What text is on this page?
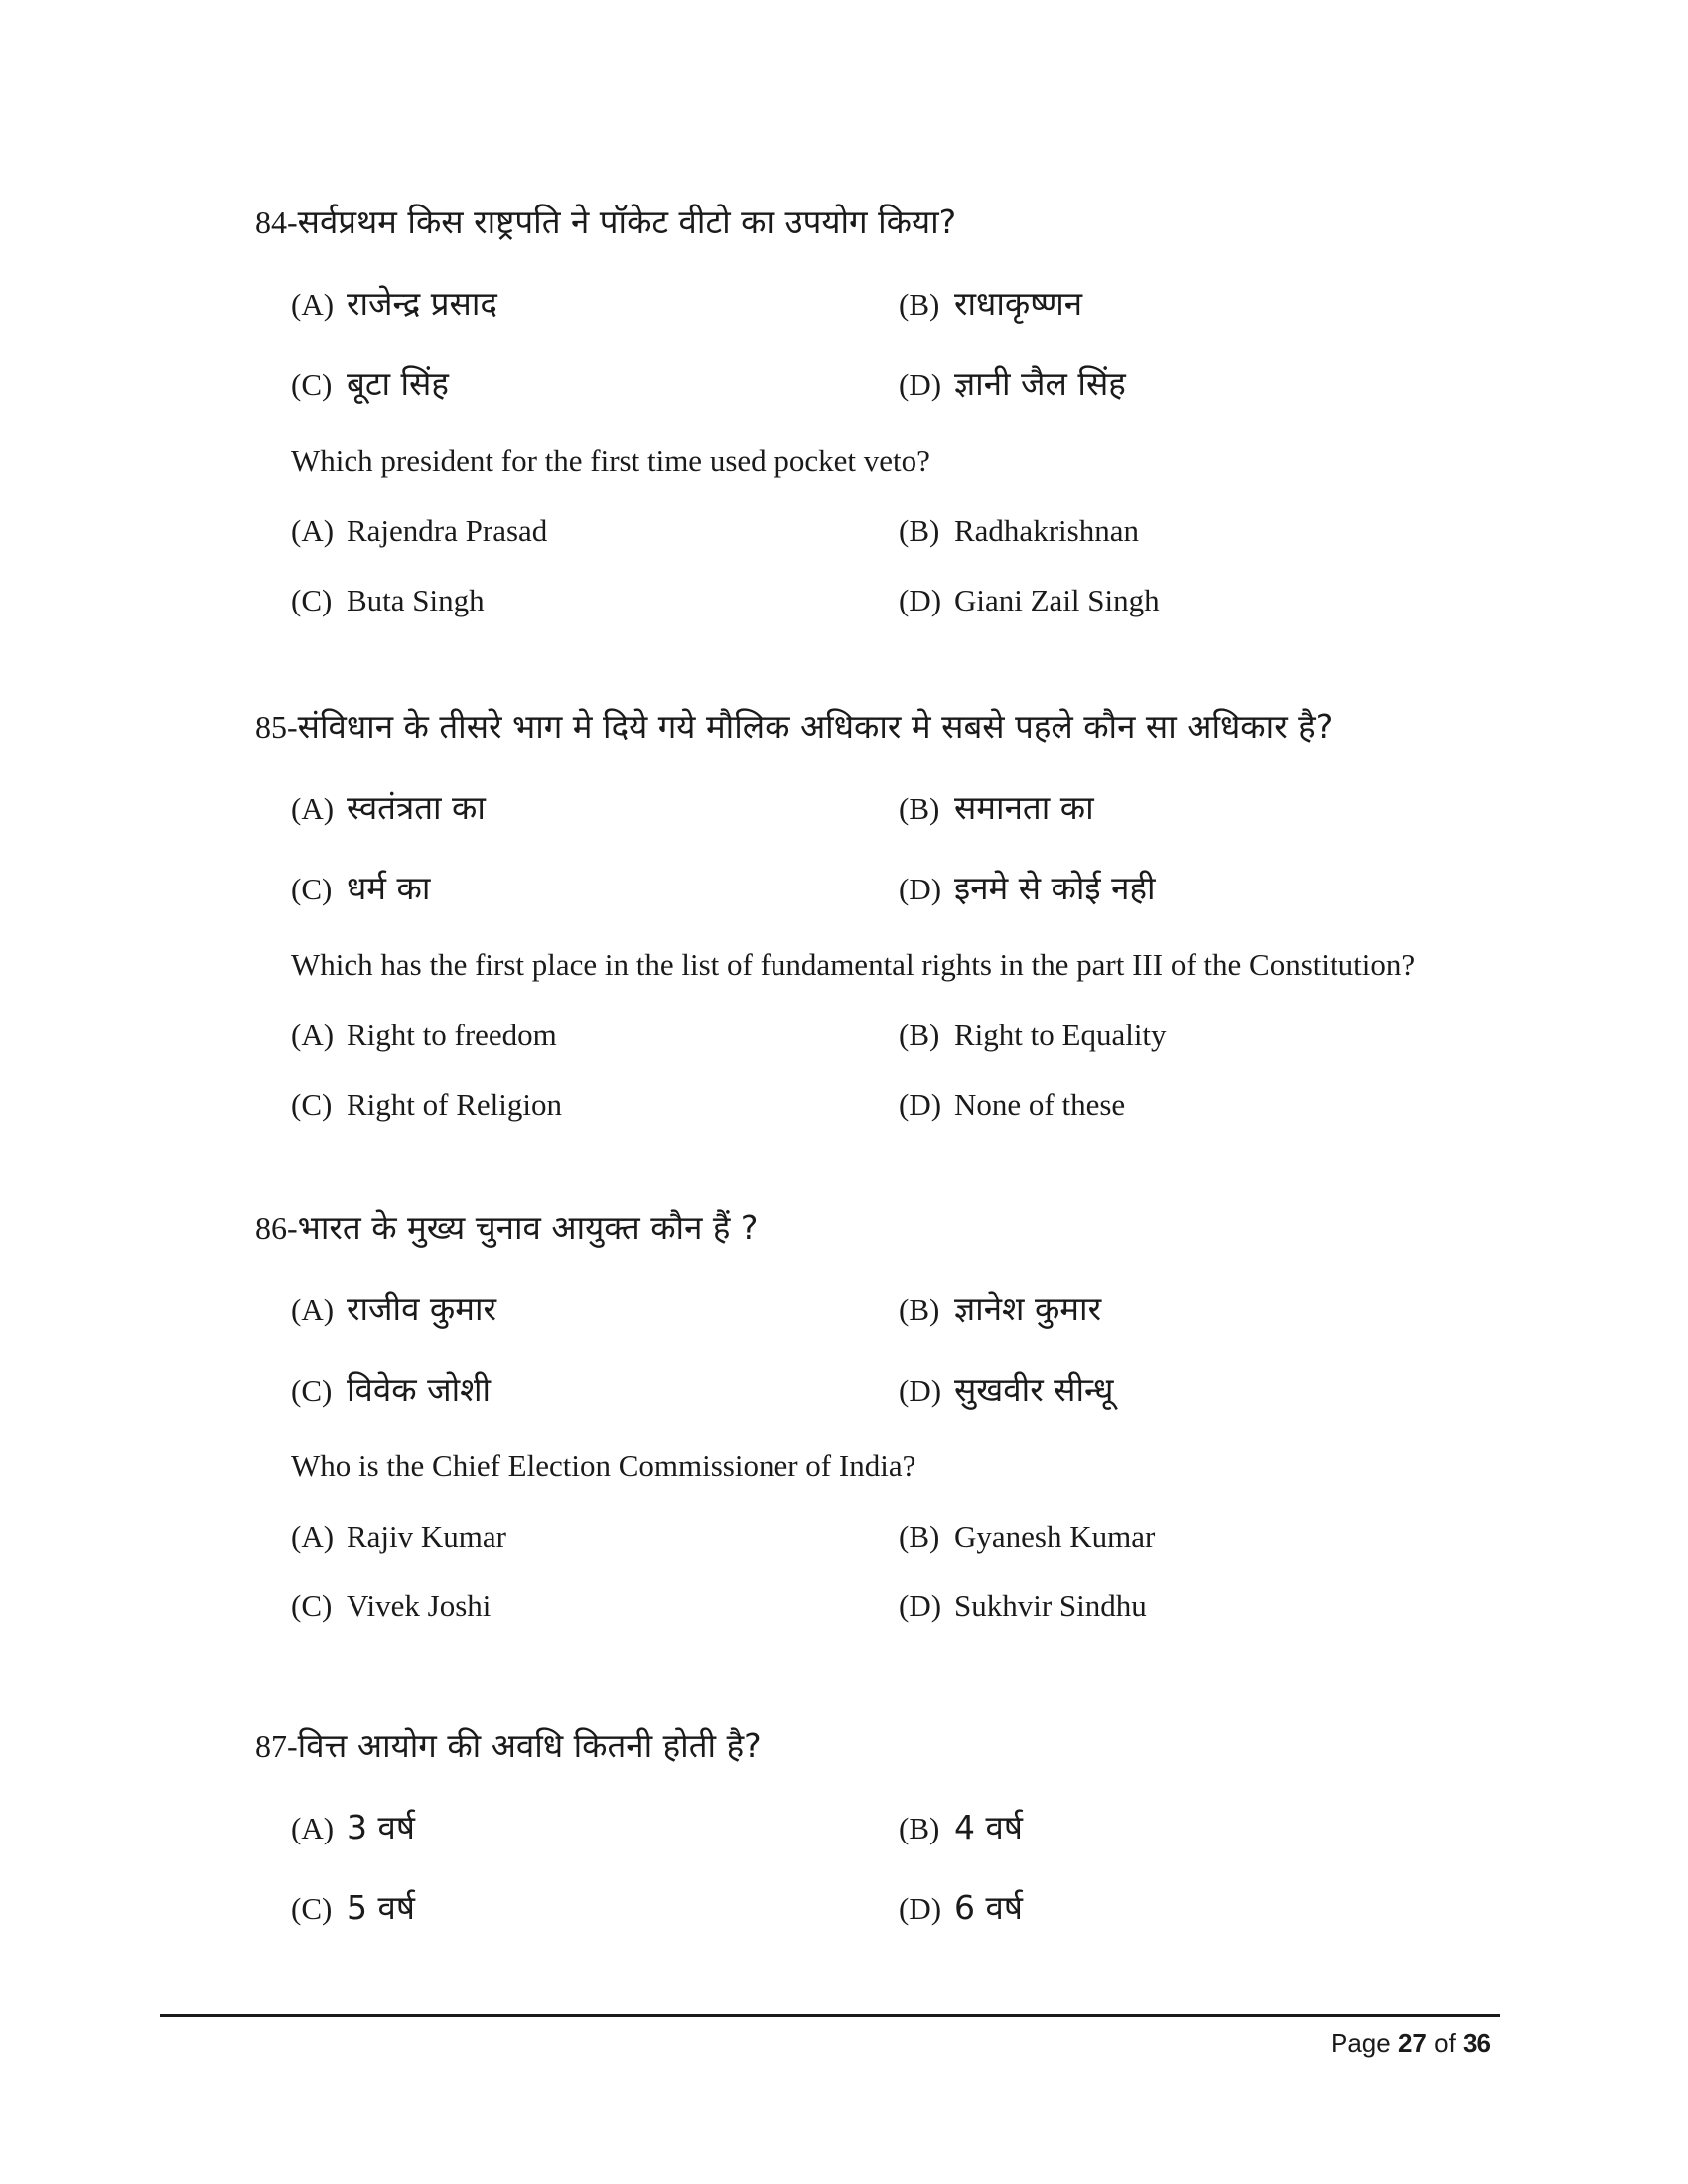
84-सर्वप्रथम किस राष्ट्रपति ने पॉकेट वीटो का उपयोग किया?
(A) राजेन्द्र प्रसाद	(B) राधाकृष्णन
(C) बूटा सिंह	(D) ज्ञानी जैल सिंह
Which president for the first time used pocket veto?
(A) Rajendra Prasad	(B) Radhakrishnan
(C) Buta Singh	(D) Giani Zail Singh
85-संविधान के तीसरे भाग मे दिये गये मौलिक अधिकार मे सबसे पहले कौन सा अधिकार है?
(A) स्वतंत्रता का	(B) समानता का
(C) धर्म का	(D) इनमे से कोई नही
Which has the first place in the list of fundamental rights in the part III of the Constitution?
(A) Right to freedom	(B) Right to Equality
(C) Right of Religion	(D) None of these
86-भारत के मुख्य चुनाव आयुक्त कौन हैं ?
(A) राजीव कुमार	(B) ज्ञानेश कुमार
(C) विवेक जोशी	(D) सुखवीर सीन्धू
Who is the Chief Election Commissioner of India?
(A) Rajiv Kumar	(B) Gyanesh Kumar
(C) Vivek Joshi	(D) Sukhvir Sindhu
87-वित्त आयोग की अवधि कितनी होती है?
(A) 3 वर्ष	(B) 4 वर्ष
(C) 5 वर्ष	(D) 6 वर्ष
Page 27 of 36
